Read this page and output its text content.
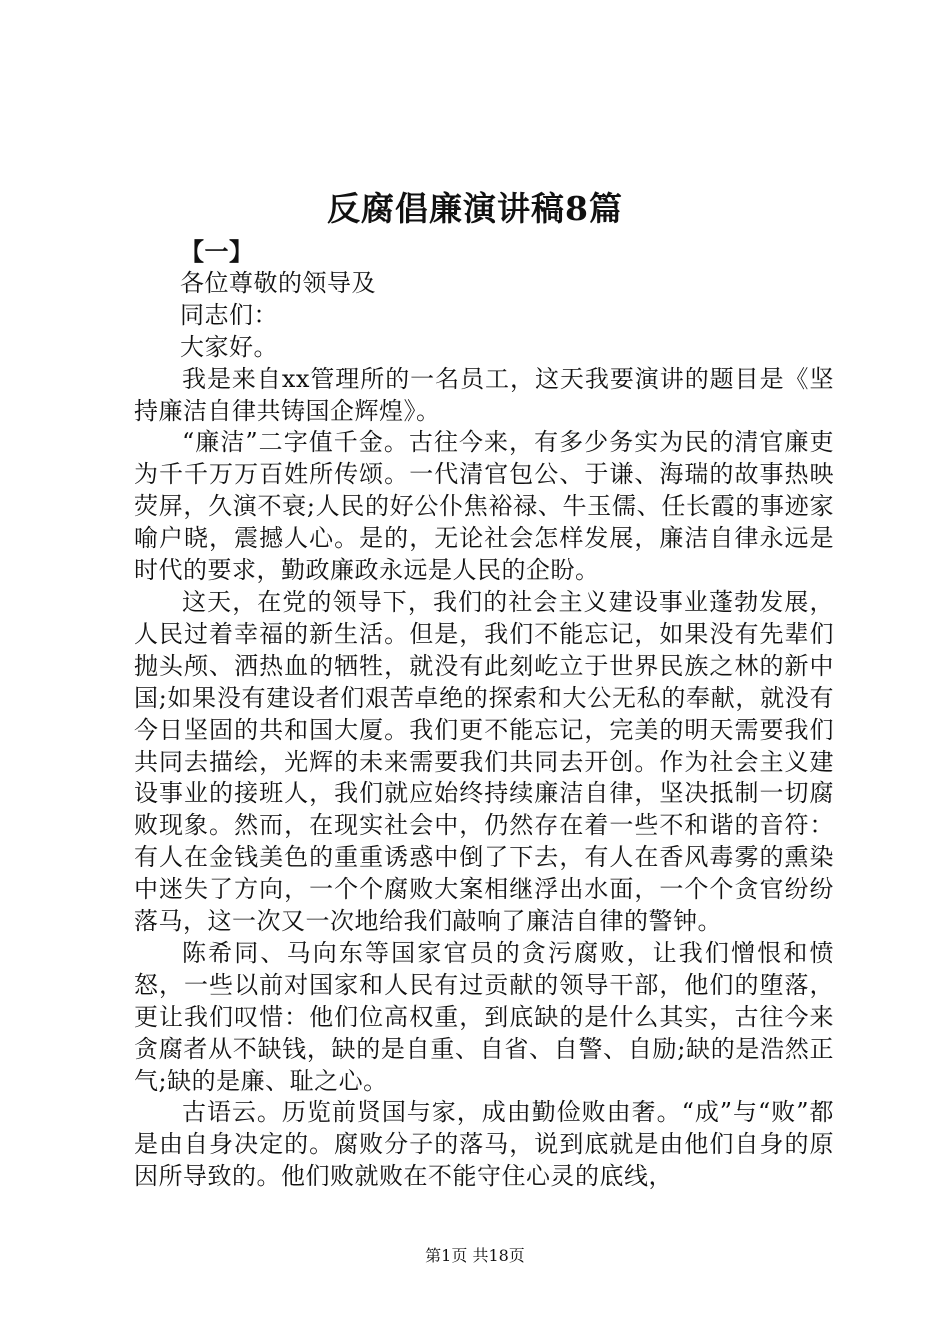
反腐倡廉演讲稿8篇

【一】

各位尊敬的领导及

同志们：

大家好。

我是来自xx管理所的一名员工，这天我要演讲的题目是《坚持廉洁自律共铸国企辉煌》。

“廉洁”二字值千金。古往今来，有多少务实为民的清官廉吏为千千万万百姓所传颂。一代清官包公、于谦、海瑞的故事热映荧屏，久演不衰;人民的好公仆焦裕禄、牛玉儒、任长霞的事迹家喻户晓，震撼人心。是的，无论社会怎样发展，廉洁自律永远是时代的要求，勤政廉政永远是人民的企盼。

这天，在党的领导下，我们的社会主义建设事业蓬勃发展，人民过着幸福的新生活。但是，我们不能忘记，如果没有先辈们抛头颅、洒热血的牺牲，就没有此刻屹立于世界民族之林的新中国;如果没有建设者们艰苦卓绝的探索和大公无私的奉献，就没有今日坚固的共和国大厦。我们更不能忘记，完美的明天需要我们共同去描绘，光辉的未来需要我们共同去开创。作为社会主义建设事业的接班人，我们就应始终持续廉洁自律，坚决抵制一切腐败现象。然而，在现实社会中，仍然存在着一些不和谐的音符：有人在金钱美色的重重诱惑中倒了下去，有人在香风毒雾的熏染中迷失了方向，一个个腐败大案相继浮出水面，一个个贪官纷纷落马，这一次又一次地给我们敲响了廉洁自律的警钟。

陈希同、马向东等国家官员的贪污腐败，让我们憎恨和愤怒，一些以前对国家和人民有过贡献的领导干部，他们的堕落，更让我们叹惜：他们位高权重，到底缺的是什么其实，古往今来贪腐者从不缺钱，缺的是自重、自省、自警、自励;缺的是浩然正气;缺的是廉、耻之心。

古语云。历览前贤国与家，成由勤俭败由奢。“成”与“败”都是由自身决定的。腐败分子的落马，说到底就是由他们自身的原因所导致的。他们败就败在不能守住心灵的底线，

第1页 共18页
